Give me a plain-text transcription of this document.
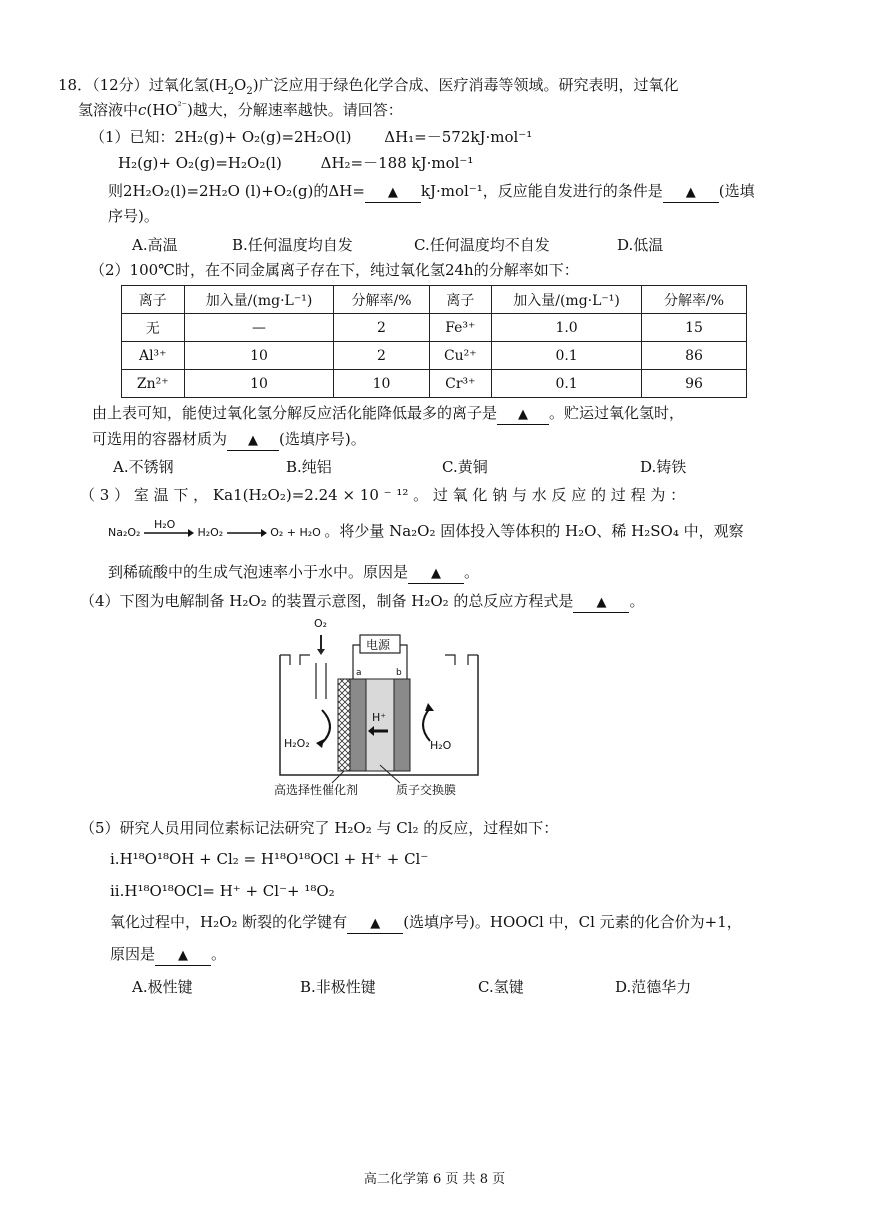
18．（12分）过氧化氢$(H_2O_2)$广泛应用于绿色化学合成、医疗消毒等领域。研究表明，过氧化
氢溶液中$c(HO^{^{2-}})$越大，分解速率越快。请回答：
（1）已知：2H₂(g)+ O₂(g)=2H₂O(l) ΔH₁=－572kJ·mol⁻¹
H₂(g)+ O₂(g)=H₂O₂(l)	ΔH₂=－188 kJ·mol⁻¹
则2H₂O₂(l)=2H₂O (l)+O₂(g)的ΔH= ▲ kJ·mol⁻¹，反应能自发进行的条件是 ▲ (选填
序号)。
A.高温	B.任何温度均自发	C.任何温度均不自发	D.低温
（2）100℃时，在不同金属离子存在下，纯过氧化氢24h的分解率如下：
离子	加入量/(mg·L⁻¹)	分解率/%	离子	加入量/(mg·L⁻¹)	分解率/%
无	—	2	Fe³⁺	1.0	15
Al³⁺	10	2	Cu²⁺	0.1	86
Zn²⁺	10	10	Cr³⁺	0.1	96
由上表可知，能使过氧化氢分解反应活化能降低最多的离子是 ▲ 。贮运过氧化氢时，
可选用的容器材质为 ▲ (选填序号)。
A.不锈钢	B.纯铝	C.黄铜	D.铸铁
（ 3 ） 室 温 下 ， Ka1(H₂O₂)=2.24 × 10 ⁻ ¹² 。 过 氧 化 钠 与 水 反 应 的 过 程 为 ：
Na₂O₂
H₂O
H₂O₂	O₂ + H₂O 。将少量 Na₂O₂ 固体投入等体积的 H₂O、稀 H₂SO₄ 中，观察
到稀硫酸中的生成气泡速率小于水中。原因是 ▲ 。
（4）下图为电解制备 H₂O₂ 的装置示意图，制备 H₂O₂ 的总反应方程式是 ▲ 。
O₂
电源
a	b
H⁺
H₂O₂	H₂O
高选择性催化剂	质子交换膜
（5）研究人员用同位素标记法研究了 H₂O₂ 与 Cl₂ 的反应，过程如下：
i.H¹⁸O¹⁸OH + Cl₂ = H¹⁸O¹⁸OCl + H⁺ + Cl⁻
ii.H¹⁸O¹⁸OCl= H⁺ + Cl⁻+ ¹⁸O₂
氧化过程中，H₂O₂ 断裂的化学键有 ▲ (选填序号)。HOOCl 中，Cl 元素的化合价为+1，
原因是 ▲ 。
A.极性键	B.非极性键	C.氢键	D.范德华力
高二化学第 6 页 共 8 页
